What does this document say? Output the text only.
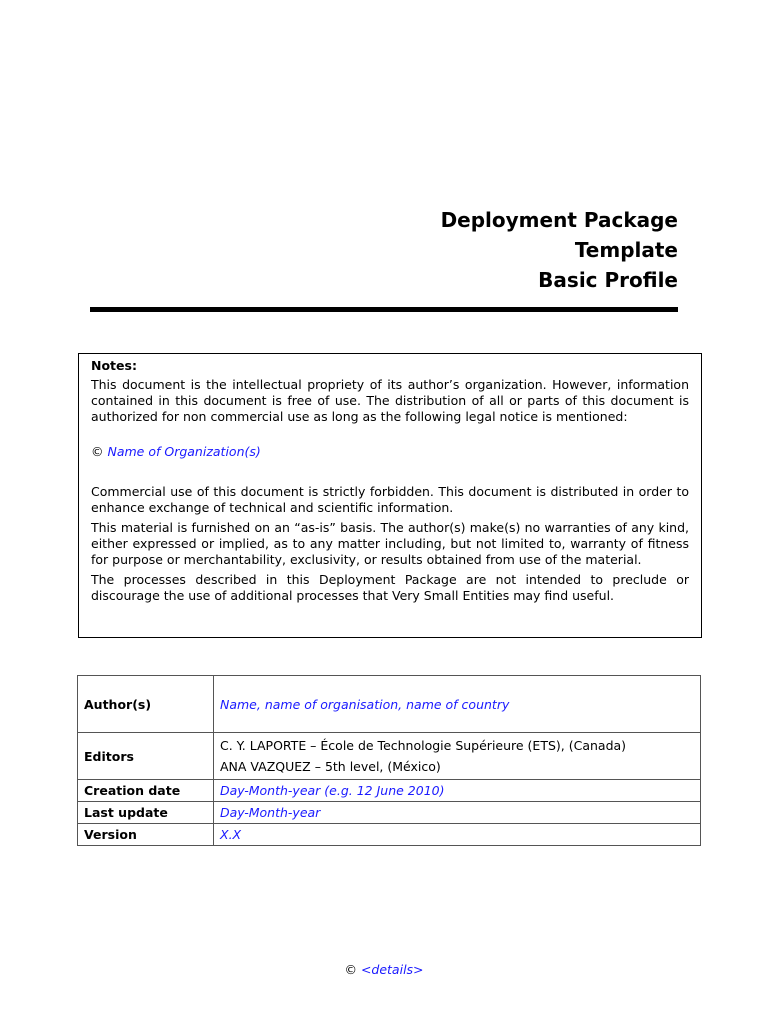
Deployment Package
Template
Basic Profile

Notes:

This document is the intellectual propriety of its author’s organization. However, information contained in this document is free of use. The distribution of all or parts of this document is authorized for non commercial use as long as the following legal notice is mentioned:

© Name of Organization(s)

Commercial use of this document is strictly forbidden. This document is distributed in order to enhance exchange of technical and scientific information.

This material is furnished on an “as-is” basis. The author(s) make(s) no warranties of any kind, either expressed or implied, as to any matter including, but not limited to, warranty of fitness for purpose or merchantability, exclusivity, or results obtained from use of the material.

The processes described in this Deployment Package are not intended to preclude or discourage the use of additional processes that Very Small Entities may find useful.

Author(s)	Name, name of organisation, name of country
Editors	C. Y. LAPORTE – École de Technologie Supérieure (ETS), (Canada)
ANA VAZQUEZ – 5th level, (México)

Creation date	Day-Month-year (e.g. 12 June 2010)
Last update	Day-Month-year
Version	X.X
© <details>
